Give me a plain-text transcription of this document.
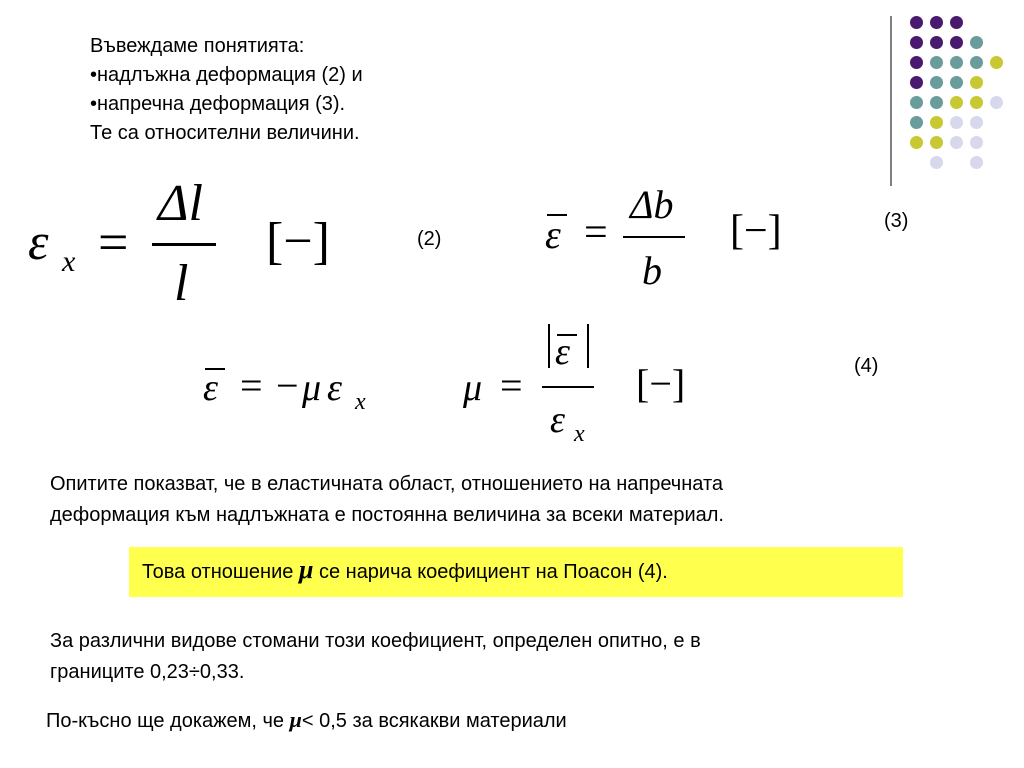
Въвеждаме понятията:
•надлъжна деформация (2) и
•напречна деформация (3).
Те са относителни величини.
ε x =
Δl
l
[−]	(2)	ε =
Δb
b
[−]	(3)
ε = − μ ε x	μ =
ε
ε x
[−]	(4)
Опитите показват, че в еластичната област, отношението на напречната
деформация към надлъжната е постоянна величина за всеки материал.
Това отношение μ се нарича коефициент на Поасон (4).
За различни видове стомани този коефициент, определен опитно, е в
границите 0,23÷0,33.
По-късно ще докажем, че μ< 0,5 за всякакви материали
